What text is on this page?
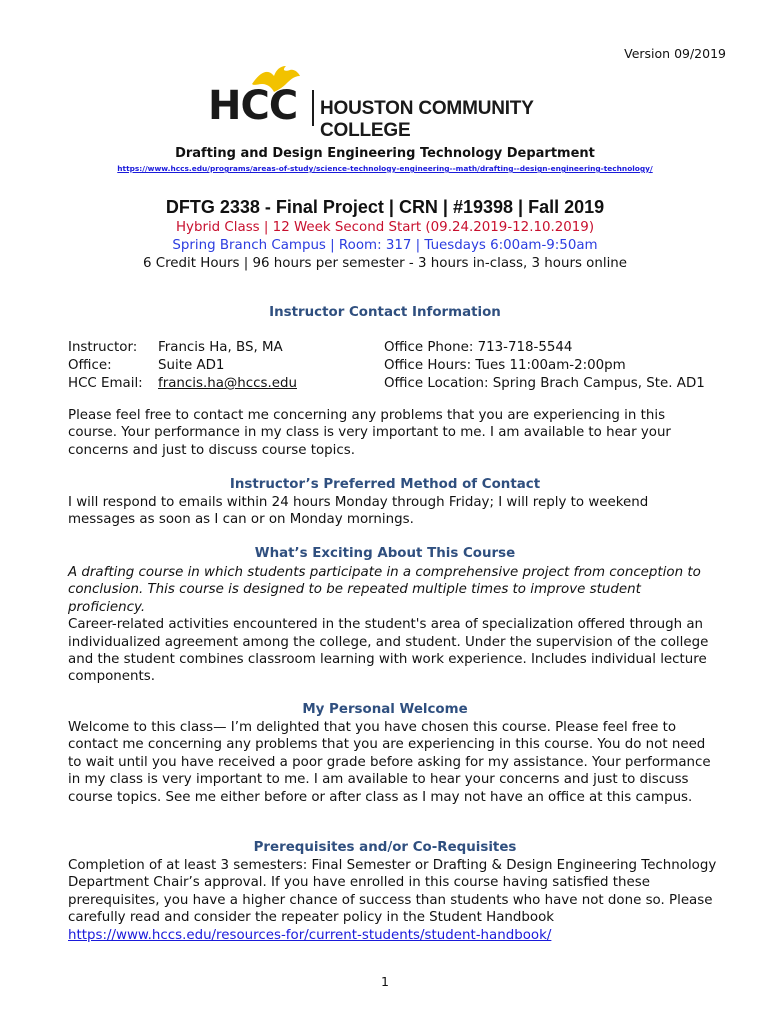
Version 09/2019
HCC HOUSTON COMMUNITY COLLEGE
Drafting and Design Engineering Technology Department
https://www.hccs.edu/programs/areas-of-study/science-technology-engineering--math/drafting--design-engineering-technology/
DFTG 2338 - Final Project | CRN | #19398 | Fall 2019
Hybrid Class | 12 Week Second Start (09.24.2019-12.10.2019)
Spring Branch Campus | Room: 317 | Tuesdays 6:00am-9:50am
6 Credit Hours | 96 hours per semester - 3 hours in-class, 3 hours online
Instructor Contact Information
Instructor:
Office:
HCC Email:
Francis Ha, BS, MA
Suite AD1
francis.ha@hccs.edu
Office Phone: 713-718-5544
Office Hours: Tues 11:00am-2:00pm
Office Location: Spring Brach Campus, Ste. AD1

Please feel free to contact me concerning any problems that you are experiencing in this course. Your performance in my class is very important to me. I am available to hear your concerns and just to discuss course topics.

Instructor’s Preferred Method of Contact

I will respond to emails within 24 hours Monday through Friday; I will reply to weekend messages as soon as I can or on Monday mornings.

What’s Exciting About This Course

A drafting course in which students participate in a comprehensive project from conception to conclusion. This course is designed to be repeated multiple times to improve student proficiency.

Career-related activities encountered in the student's area of specialization offered through an individualized agreement among the college, and student. Under the supervision of the college and the student combines classroom learning with work experience. Includes individual lecture components.

My Personal Welcome

Welcome to this class— I’m delighted that you have chosen this course. Please feel free to contact me concerning any problems that you are experiencing in this course. You do not need to wait until you have received a poor grade before asking for my assistance. Your performance in my class is very important to me. I am available to hear your concerns and just to discuss course topics. See me either before or after class as I may not have an office at this campus.

Prerequisites and/or Co-Requisites

Completion of at least 3 semesters: Final Semester or Drafting & Design Engineering Technology Department Chair’s approval. If you have enrolled in this course having satisfied these prerequisites, you have a higher chance of success than students who have not done so. Please carefully read and consider the repeater policy in the Student Handbook

https://www.hccs.edu/resources-for/current-students/student-handbook/

1
